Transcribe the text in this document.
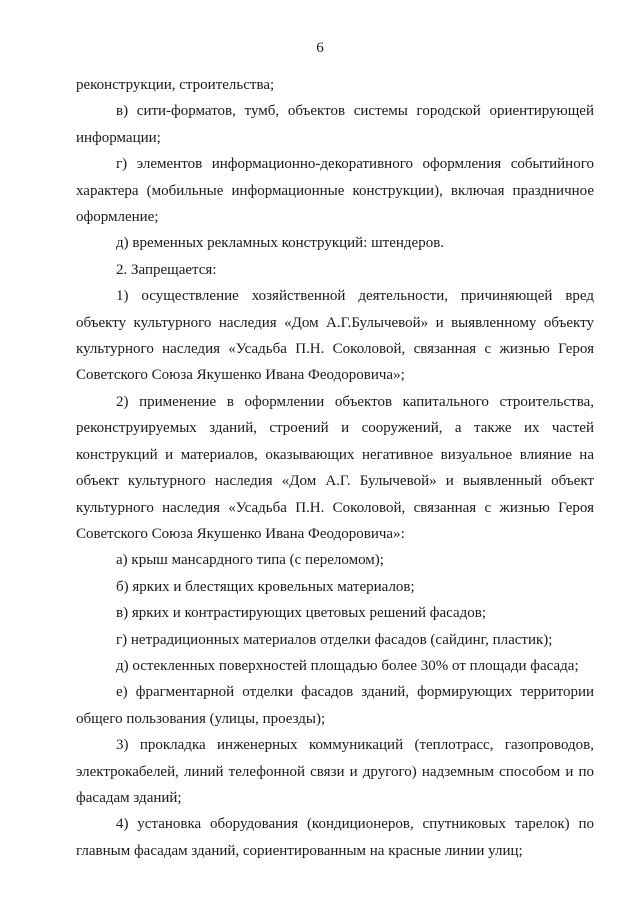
6

реконструкции, строительства;

в) сити-форматов, тумб, объектов системы городской ориентирующей информации;

г) элементов информационно-декоративного оформления событийного характера (мобильные информационные конструкции), включая праздничное оформление;

д) временных рекламных конструкций: штендеров.

2. Запрещается:

1) осуществление хозяйственной деятельности, причиняющей вред объекту культурного наследия «Дом А.Г.Булычевой» и выявленному объекту культурного наследия «Усадьба П.Н. Соколовой, связанная с жизнью Героя Советского Союза Якушенко Ивана Феодоровича»;

2) применение в оформлении объектов капитального строительства, реконструируемых зданий, строений и сооружений, а также их частей конструкций и материалов, оказывающих негативное визуальное влияние на объект культурного наследия «Дом А.Г. Булычевой» и выявленный объект культурного наследия «Усадьба П.Н. Соколовой, связанная с жизнью Героя Советского Союза Якушенко Ивана Феодоровича»:

а) крыш мансардного типа (с переломом);

б) ярких и блестящих кровельных материалов;

в) ярких и контрастирующих цветовых решений фасадов;

г) нетрадиционных материалов отделки фасадов (сайдинг, пластик);

д) остекленных поверхностей площадью более 30% от площади фасада;

е) фрагментарной отделки фасадов зданий, формирующих территории общего пользования (улицы, проезды);

3) прокладка инженерных коммуникаций (теплотрасс, газопроводов, электрокабелей, линий телефонной связи и другого) надземным способом и по фасадам зданий;

4) установка оборудования (кондиционеров, спутниковых тарелок) по главным фасадам зданий, сориентированным на красные линии улиц;
